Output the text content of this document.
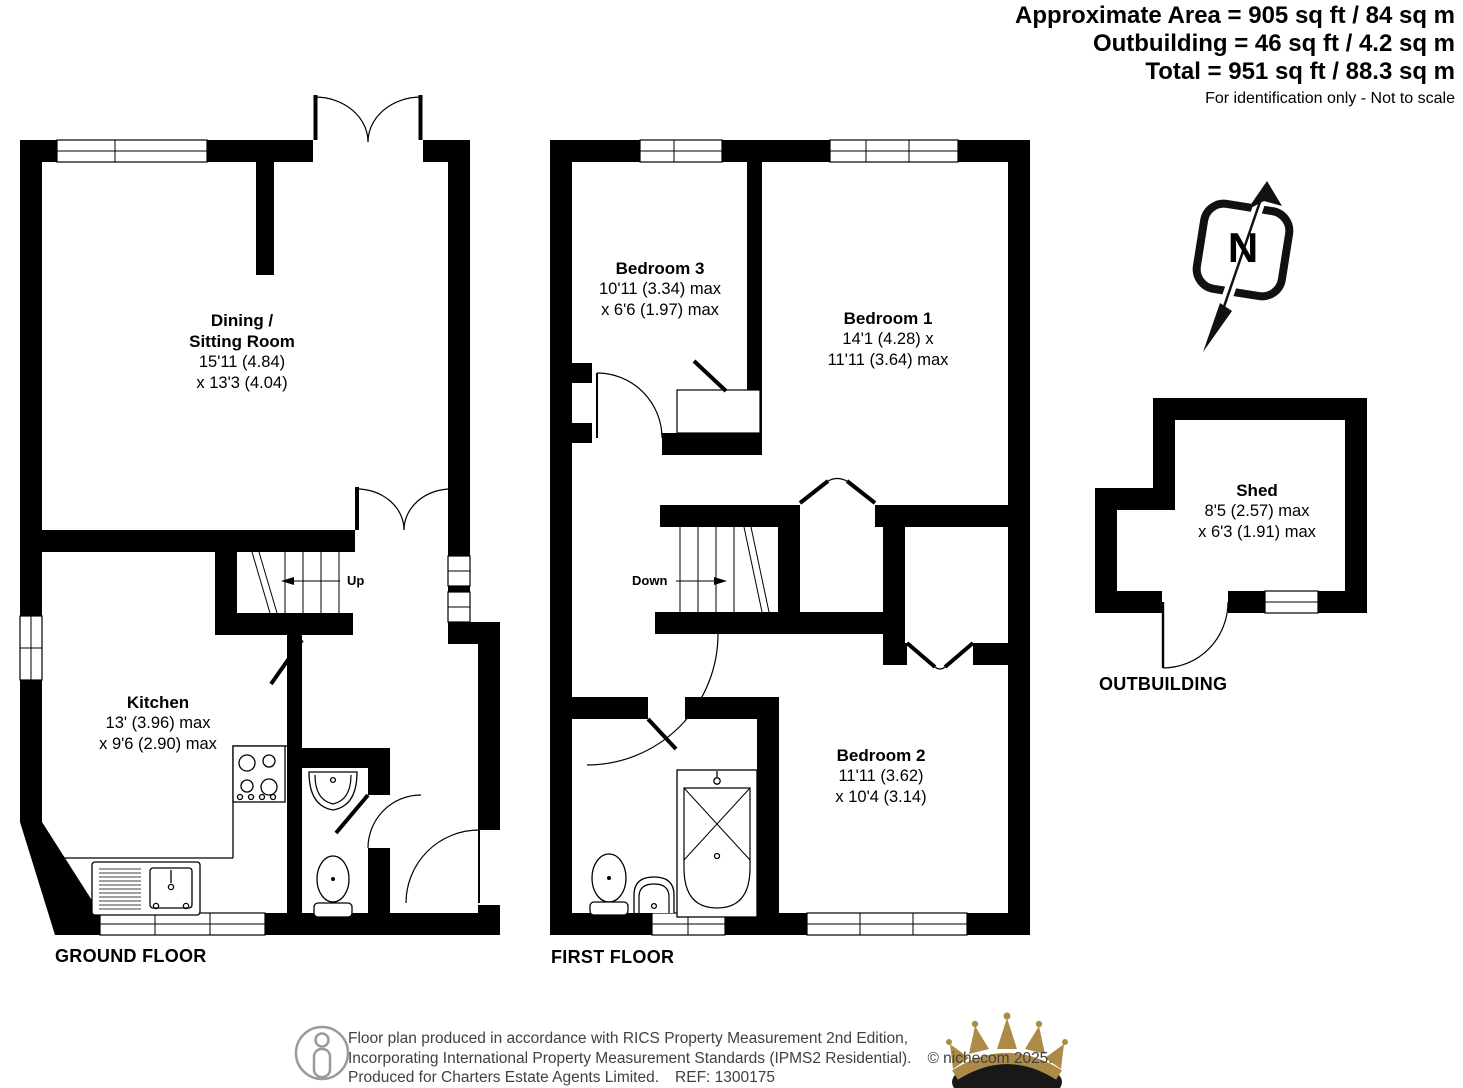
Approximate Area = 905 sq ft / 84 sq m
Outbuilding = 46 sq ft / 4.2 sq m
Total = 951 sq ft / 88.3 sq m
For identification only - Not to scale
Dining /
Sitting Room
15'11 (4.84)
x 13'3 (4.04)
Kitchen
13' (3.96) max
x 9'6 (2.90) max
Bedroom 3
10'11 (3.34) max
x 6'6 (1.97) max	Bedroom 1
14'1 (4.28) x
11'11 (3.64) max
Bedroom 2
11'11 (3.62)
x 10'4 (3.14)
Shed
8'5 (2.57) max
x 6'3 (1.91) max
Up	Down
GROUND FLOOR	FIRST FLOOR
OUTBUILDING
N
Floor plan produced in accordance with RICS Property Measurement 2nd Edition,
Incorporating International Property Measurement Standards (IPMS2 Residential). © nichecom 2025.
Produced for Charters Estate Agents Limited. REF: 1300175
